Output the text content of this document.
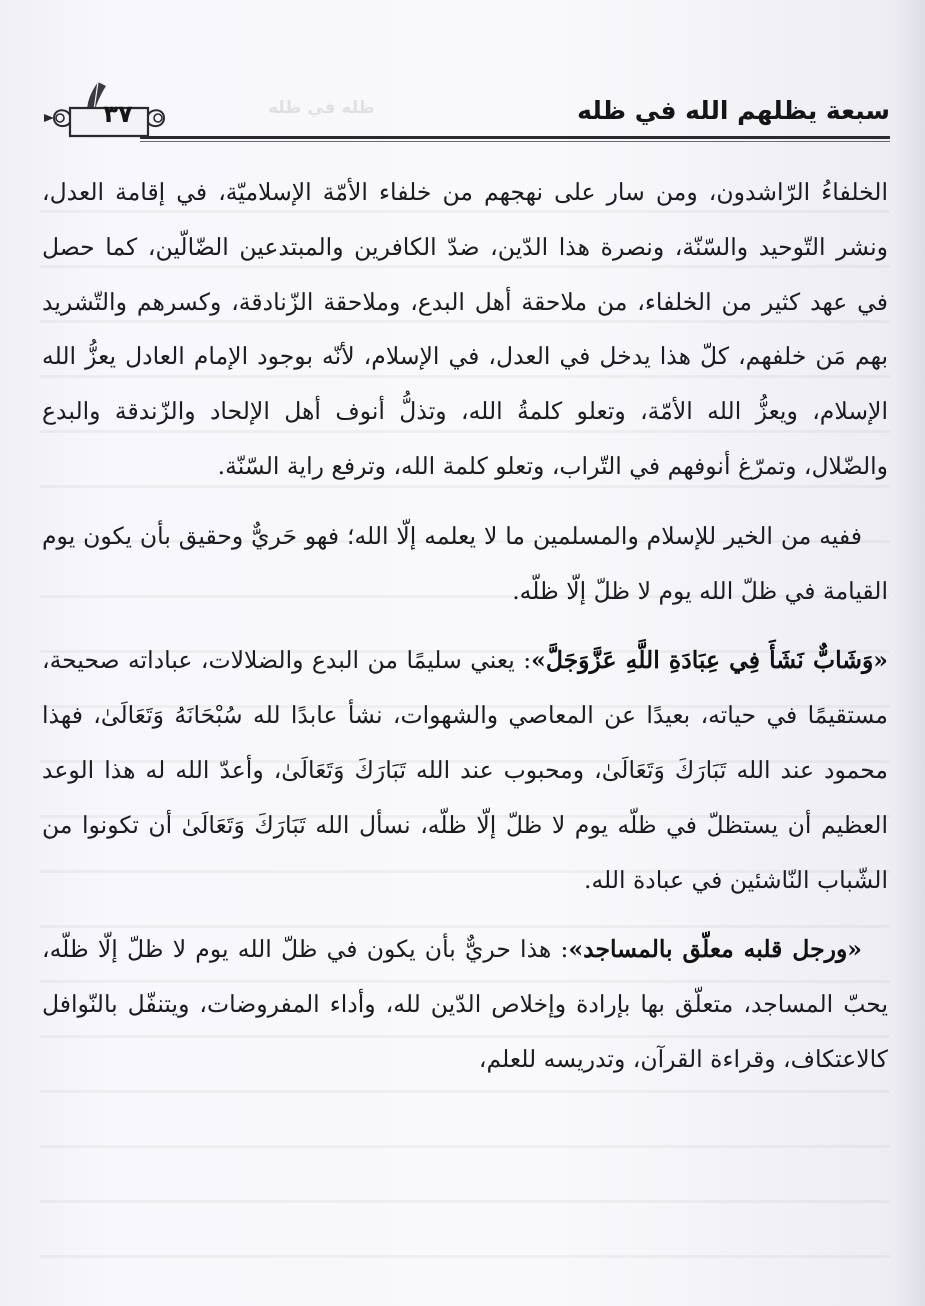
٣٧	ظله في ظله	سبعة يظلهم الله في ظله

الخلفاءُ الرّاشدون، ومن سار على نهجهم من خلفاء الأمّة الإسلاميّة، في إقامة العدل، ونشر التّوحيد والسّنّة، ونصرة هذا الدّين، ضدّ الكافرين والمبتدعين الضّالّين، كما حصل في عهد كثير من الخلفاء، من ملاحقة أهل البدع، وملاحقة الزّنادقة، وكسرهم والتّشريد بهم مَن خلفهم، كلّ هذا يدخل في العدل، في الإسلام، لأنّه بوجود الإمام العادل يعزُّ الله الإسلام، ويعزُّ الله الأمّة، وتعلو كلمةُ الله، وتذلُّ أنوف أهل الإلحاد والزّندقة والبدع والضّلال، وتمرّغ أنوفهم في التّراب، وتعلو كلمة الله، وترفع راية السّنّة.

ففيه من الخير للإسلام والمسلمين ما لا يعلمه إلّا الله؛ فهو حَريٌّ وحقيق بأن يكون يوم القيامة في ظلّ الله يوم لا ظلّ إلّا ظلّه.

«وَشَابٌّ نَشَأَ فِي عِبَادَةِ اللَّهِ عَزَّوَجَلَّ»: يعني سليمًا من البدع والضلالات، عباداته صحيحة، مستقيمًا في حياته، بعيدًا عن المعاصي والشهوات، نشأ عابدًا لله سُبْحَانَهُ وَتَعَالَىٰ، فهذا محمود عند الله تَبَارَكَ وَتَعَالَىٰ، ومحبوب عند الله تَبَارَكَ وَتَعَالَىٰ، وأعدّ الله له هذا الوعد العظيم أن يستظلّ في ظلّه يوم لا ظلّ إلّا ظلّه، نسأل الله تَبَارَكَ وَتَعَالَىٰ أن تكونوا من الشّباب النّاشئين في عبادة الله.

«ورجل قلبه معلّق بالمساجد»: هذا حريٌّ بأن يكون في ظلّ الله يوم لا ظلّ إلّا ظلّه، يحبّ المساجد، متعلّق بها بإرادة وإخلاص الدّين لله، وأداء المفروضات، ويتنفّل بالنّوافل كالاعتكاف، وقراءة القرآن، وتدريسه للعلم،
